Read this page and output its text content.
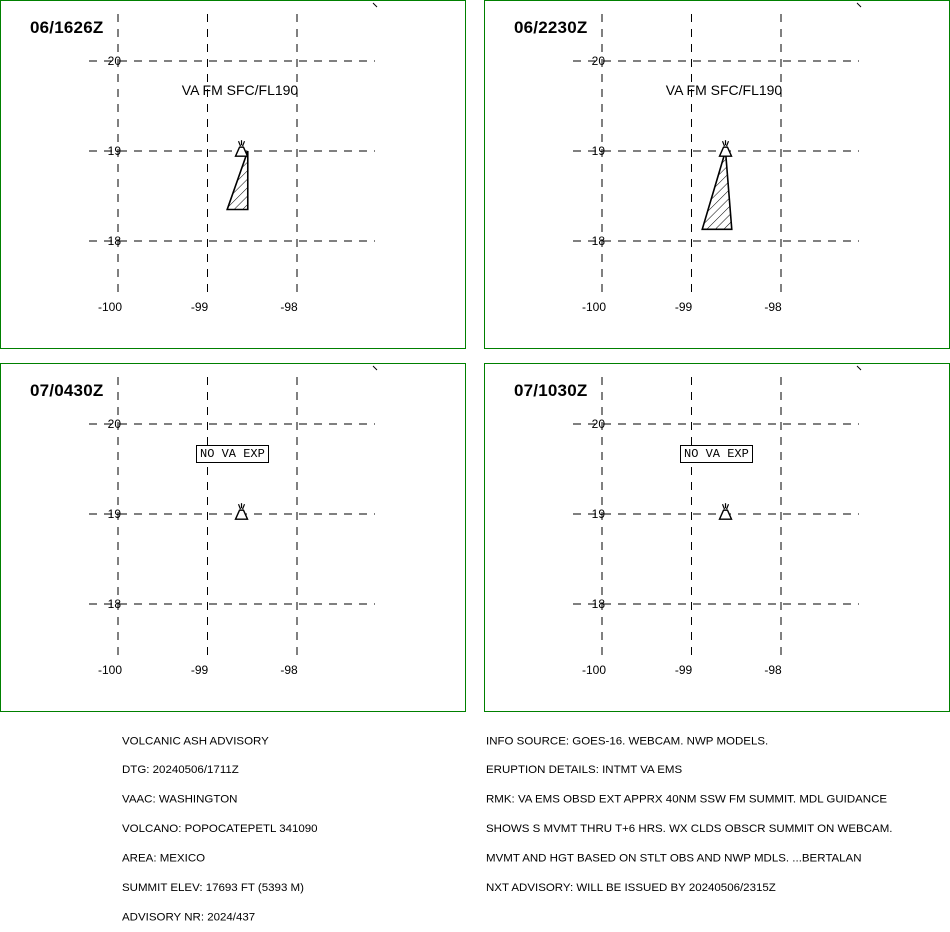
20
19
18
-100	-99	-98
VA FM SFC/FL190
06/1626Z
20
19
18
-100	-99	-98
VA FM SFC/FL190
06/2230Z
20
19
18
-100	-99	-98
07/0430Z
NO VA EXP
20
19
18
-100	-99	-98
07/1030Z
NO VA EXP

VOLCANIC ASH ADVISORY

DTG: 20240506/1711Z

VAAC: WASHINGTON

VOLCANO: POPOCATEPETL 341090

AREA: MEXICO

SUMMIT ELEV: 17693 FT (5393 M)

ADVISORY NR: 2024/437

INFO SOURCE: GOES-16. WEBCAM. NWP MODELS.

ERUPTION DETAILS: INTMT VA EMS

RMK: VA EMS OBSD EXT APPRX 40NM SSW FM SUMMIT. MDL GUIDANCE

SHOWS S MVMT THRU T+6 HRS. WX CLDS OBSCR SUMMIT ON WEBCAM.

MVMT AND HGT BASED ON STLT OBS AND NWP MDLS. ...BERTALAN

NXT ADVISORY: WILL BE ISSUED BY 20240506/2315Z
